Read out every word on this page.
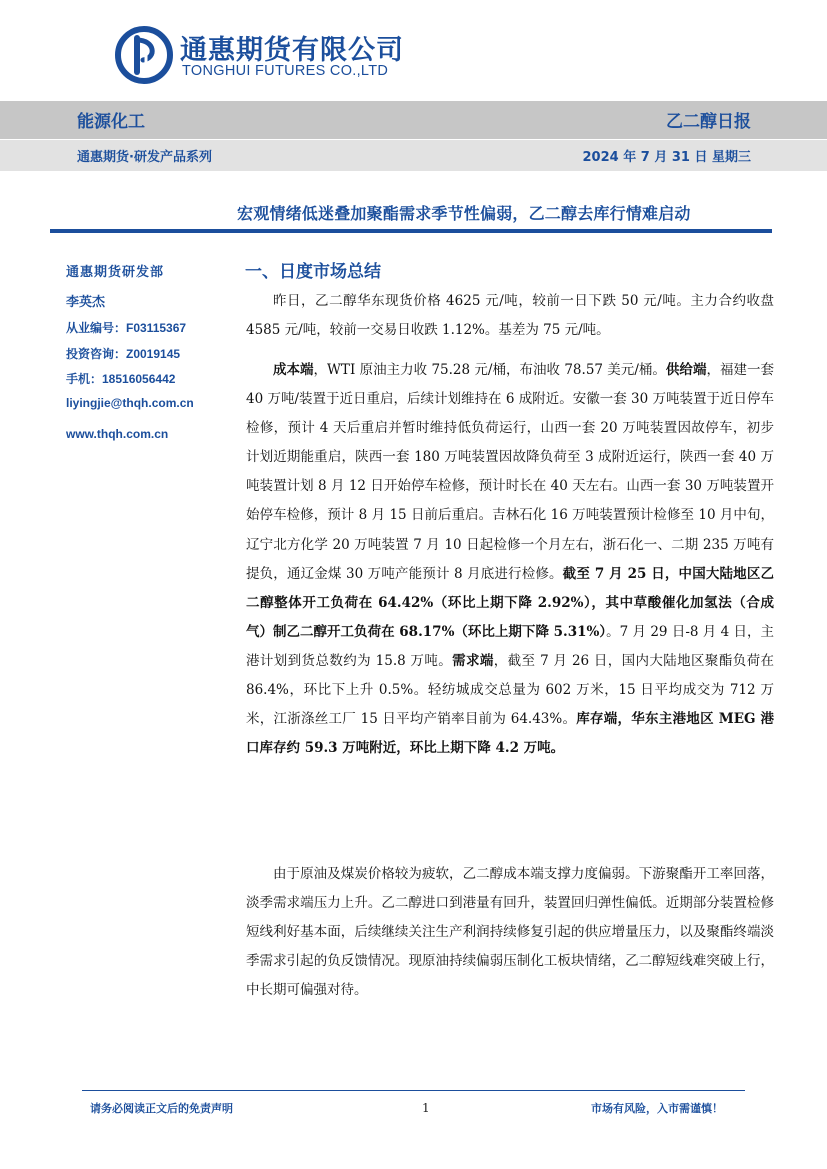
通惠期货有限公司
TONGHUI FUTURES CO.,LTD
能源化工	乙二醇日报
通惠期货·研发产品系列	2024 年 7 月 31 日 星期三
宏观情绪低迷叠加聚酯需求季节性偏弱，乙二醇去库行情难启动
通惠期货研发部
李英杰
从业编号：F03115367
投资咨询：Z0019145
手机：18516056442
liyingjie@thqh.com.cn
www.thqh.com.cn
一、日度市场总结
昨日，乙二醇华东现货价格 4625 元/吨，较前一日下跌 50 元/吨。主力合约收盘 4585 元/吨，较前一交易日收跌 1.12%。基差为 75 元/吨。
成本端，WTI 原油主力收 75.28 元/桶，布油收 78.57 美元/桶。供给端，福建一套 40 万吨/装置于近日重启，后续计划维持在 6 成附近。安徽一套 30 万吨装置于近日停车检修，预计 4 天后重启并暂时维持低负荷运行，山西一套 20 万吨装置因故停车，初步计划近期能重启，陕西一套 180 万吨装置因故降负荷至 3 成附近运行，陕西一套 40 万吨装置计划 8 月 12 日开始停车检修，预计时长在 40 天左右。山西一套 30 万吨装置开始停车检修，预计 8 月 15 日前后重启。吉林石化 16 万吨装置预计检修至 10 月中旬，辽宁北方化学 20 万吨装置 7 月 10 日起检修一个月左右，浙石化一、二期 235 万吨有提负，通辽金煤 30 万吨产能预计 8 月底进行检修。截至 7 月 25 日，中国大陆地区乙二醇整体开工负荷在 64.42%（环比上期下降 2.92%），其中草酸催化加氢法（合成气）制乙二醇开工负荷在 68.17%（环比上期下降 5.31%）。7 月 29 日-8 月 4 日，主港计划到货总数约为 15.8 万吨。需求端，截至 7 月 26 日，国内大陆地区聚酯负荷在 86.4%，环比下上升 0.5%。轻纺城成交总量为 602 万米，15 日平均成交为 712 万米，江浙涤丝工厂 15 日平均产销率目前为 64.43%。库存端，华东主港地区 MEG 港口库存约 59.3 万吨附近，环比上期下降 4.2 万吨。
由于原油及煤炭价格较为疲软，乙二醇成本端支撑力度偏弱。下游聚酯开工率回落，淡季需求端压力上升。乙二醇进口到港量有回升，装置回归弹性偏低。近期部分装置检修短线利好基本面，后续继续关注生产利润持续修复引起的供应增量压力，以及聚酯终端淡季需求引起的负反馈情况。现原油持续偏弱压制化工板块情绪，乙二醇短线难突破上行，中长期可偏强对待。
请务必阅读正文后的免责声明	1	市场有风险，入市需谨慎！
